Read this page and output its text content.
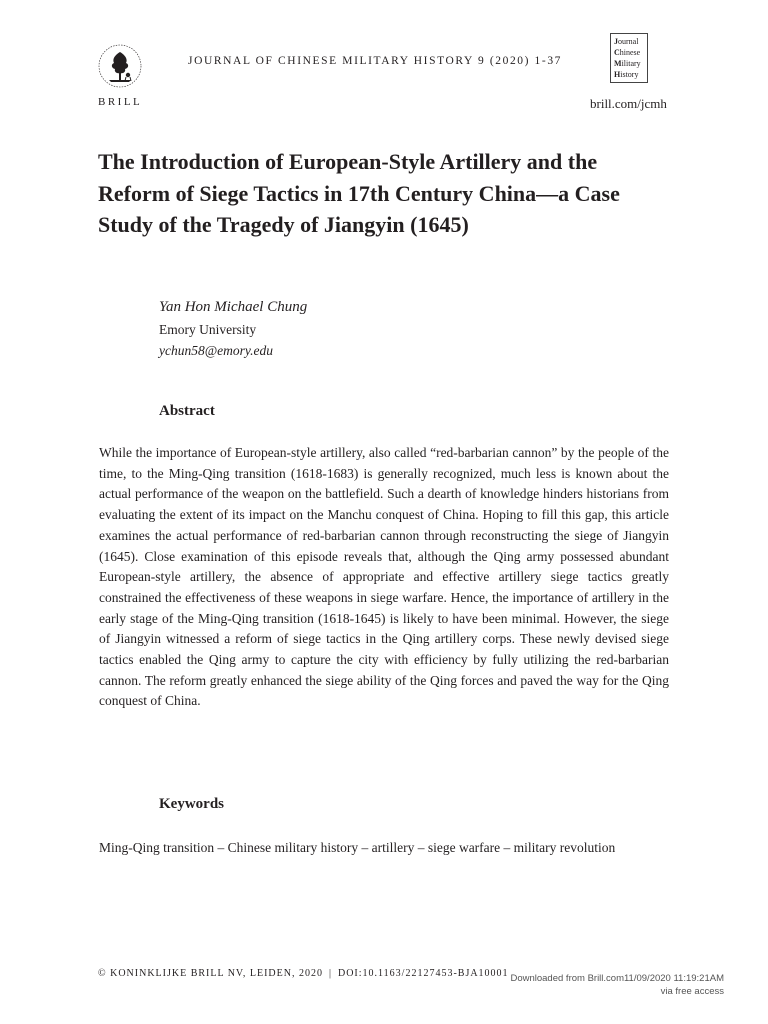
BRILL
JOURNAL OF CHINESE MILITARY HISTORY 9 (2020) 1-37
Journal
Chinese
Military
History
brill.com/jcmh
The Introduction of European-Style Artillery and the Reform of Siege Tactics in 17th Century China—a Case Study of the Tragedy of Jiangyin (1645)
Yan Hon Michael Chung
Emory University
ychun58@emory.edu
Abstract

While the importance of European-style artillery, also called “red-barbarian cannon” by the people of the time, to the Ming-Qing transition (1618-1683) is generally recognized, much less is known about the actual performance of the weapon on the battlefield. Such a dearth of knowledge hinders historians from evaluating the extent of its impact on the Manchu conquest of China. Hoping to fill this gap, this article examines the actual performance of red-barbarian cannon through reconstructing the siege of Jiangyin (1645). Close examination of this episode reveals that, although the Qing army possessed abundant European-style artillery, the absence of appropriate and effective artillery siege tactics greatly constrained the effectiveness of these weapons in siege warfare. Hence, the importance of artillery in the early stage of the Ming-Qing transition (1618-1645) is likely to have been minimal. However, the siege of Jiangyin witnessed a reform of siege tactics in the Qing artillery corps. These newly devised siege tactics enabled the Qing army to capture the city with efficiency by fully utilizing the red-barbarian cannon. The reform greatly enhanced the siege ability of the Qing forces and paved the way for the Qing conquest of China.

Keywords

Ming-Qing transition – Chinese military history – artillery – siege warfare – military revolution

© KONINKLIJKE BRILL NV, LEIDEN, 2020 | DOI:10.1163/22127453-BJA10001 Downloaded from Brill.com11/09/2020 11:19:21AM
via free access
